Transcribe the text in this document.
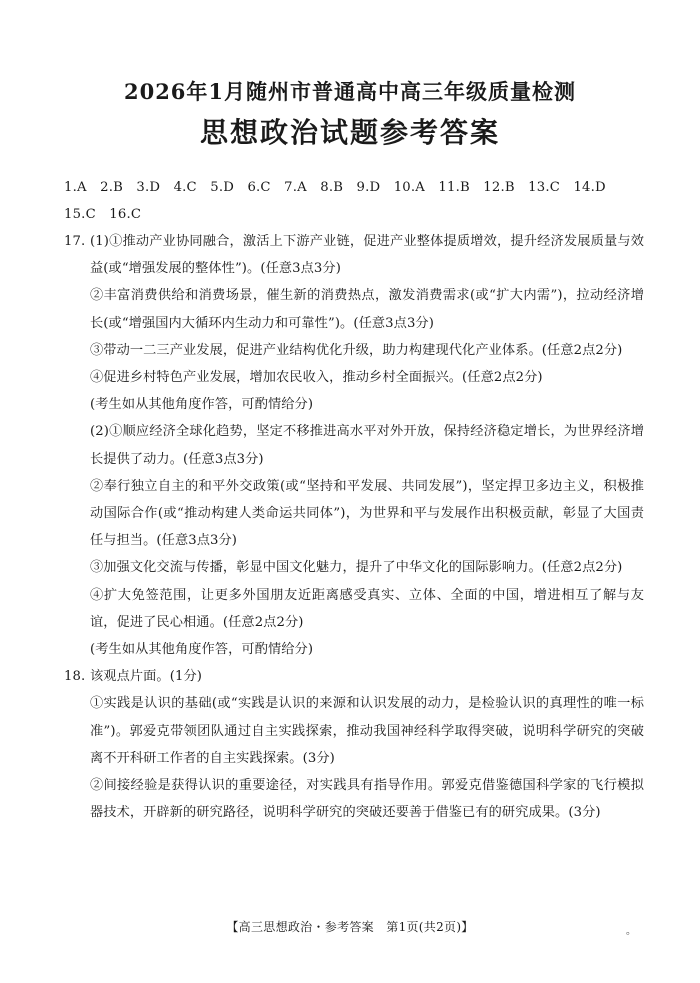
2026年1月随州市普通高中高三年级质量检测
思想政治试题参考答案
1.A 2.B 3.D 4.C 5.D 6.C 7.A 8.B 9.D 10.A 11.B 12.B 13.C 14.D
15.C 16.C
17. (1)①推动产业协同融合，激活上下游产业链，促进产业整体提质增效，提升经济发展质量与效益(或“增强发展的整体性”)。(任意3点3分)

②丰富消费供给和消费场景，催生新的消费热点，激发消费需求(或“扩大内需”)，拉动经济增长(或“增强国内大循环内生动力和可靠性”)。(任意3点3分)

③带动一二三产业发展，促进产业结构优化升级，助力构建现代化产业体系。(任意2点2分)

④促进乡村特色产业发展，增加农民收入，推动乡村全面振兴。(任意2点2分)

(考生如从其他角度作答，可酌情给分)

(2)①顺应经济全球化趋势，坚定不移推进高水平对外开放，保持经济稳定增长，为世界经济增长提供了动力。(任意3点3分)

②奉行独立自主的和平外交政策(或“坚持和平发展、共同发展”)，坚定捍卫多边主义，积极推动国际合作(或“推动构建人类命运共同体”)，为世界和平与发展作出积极贡献，彰显了大国责任与担当。(任意3点3分)

③加强文化交流与传播，彰显中国文化魅力，提升了中华文化的国际影响力。(任意2点2分)

④扩大免签范围，让更多外国朋友近距离感受真实、立体、全面的中国，增进相互了解与友谊，促进了民心相通。(任意2点2分)

(考生如从其他角度作答，可酌情给分)

18. 该观点片面。(1分)

①实践是认识的基础(或“实践是认识的来源和认识发展的动力，是检验认识的真理性的唯一标准”)。郭爱克带领团队通过自主实践探索，推动我国神经科学取得突破，说明科学研究的突破离不开科研工作者的自主实践探索。(3分)

②间接经验是获得认识的重要途径，对实践具有指导作用。郭爱克借鉴德国科学家的飞行模拟器技术，开辟新的研究路径，说明科学研究的突破还要善于借鉴已有的研究成果。(3分)

【高三思想政治・参考答案　第1页(共2页)】	。
